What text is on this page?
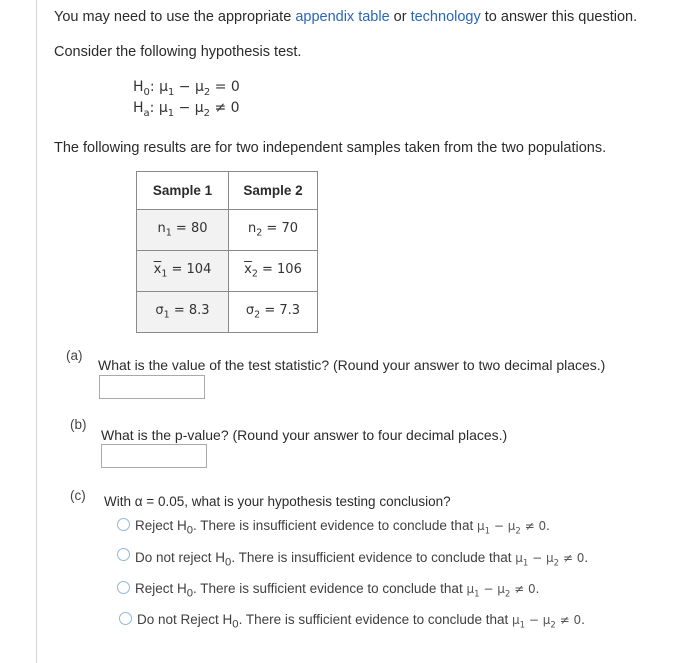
You may need to use the appropriate appendix table or technology to answer this question.
Consider the following hypothesis test.
$H_0$: $\mu_1 - \mu_2 = 0$
$H_a$: $\mu_1 - \mu_2 \ne 0$
The following results are for two independent samples taken from the two populations.
Sample 1	Sample 2
$n_1 = 80$	$n_2 = 70$
$\overline{x}_1 = 104$	$\overline{x}_2 = 106$
$\sigma_1 = 8.3$	$\sigma_2 = 7.3$
(a)
What is the value of the test statistic? (Round your answer to two decimal places.)
(b)
What is the p-value? (Round your answer to four decimal places.)
(c) With α = 0.05, what is your hypothesis testing conclusion?
Reject $H_0$. There is insufficient evidence to conclude that $\mu_1 - \mu_2 \ne 0$.
Do not reject $H_0$. There is insufficient evidence to conclude that $\mu_1 - \mu_2 \ne 0$.
Reject $H_0$. There is sufficient evidence to conclude that $\mu_1 - \mu_2 \ne 0$.
Do not Reject $H_0$. There is sufficient evidence to conclude that $\mu_1 - \mu_2 \ne 0$.
